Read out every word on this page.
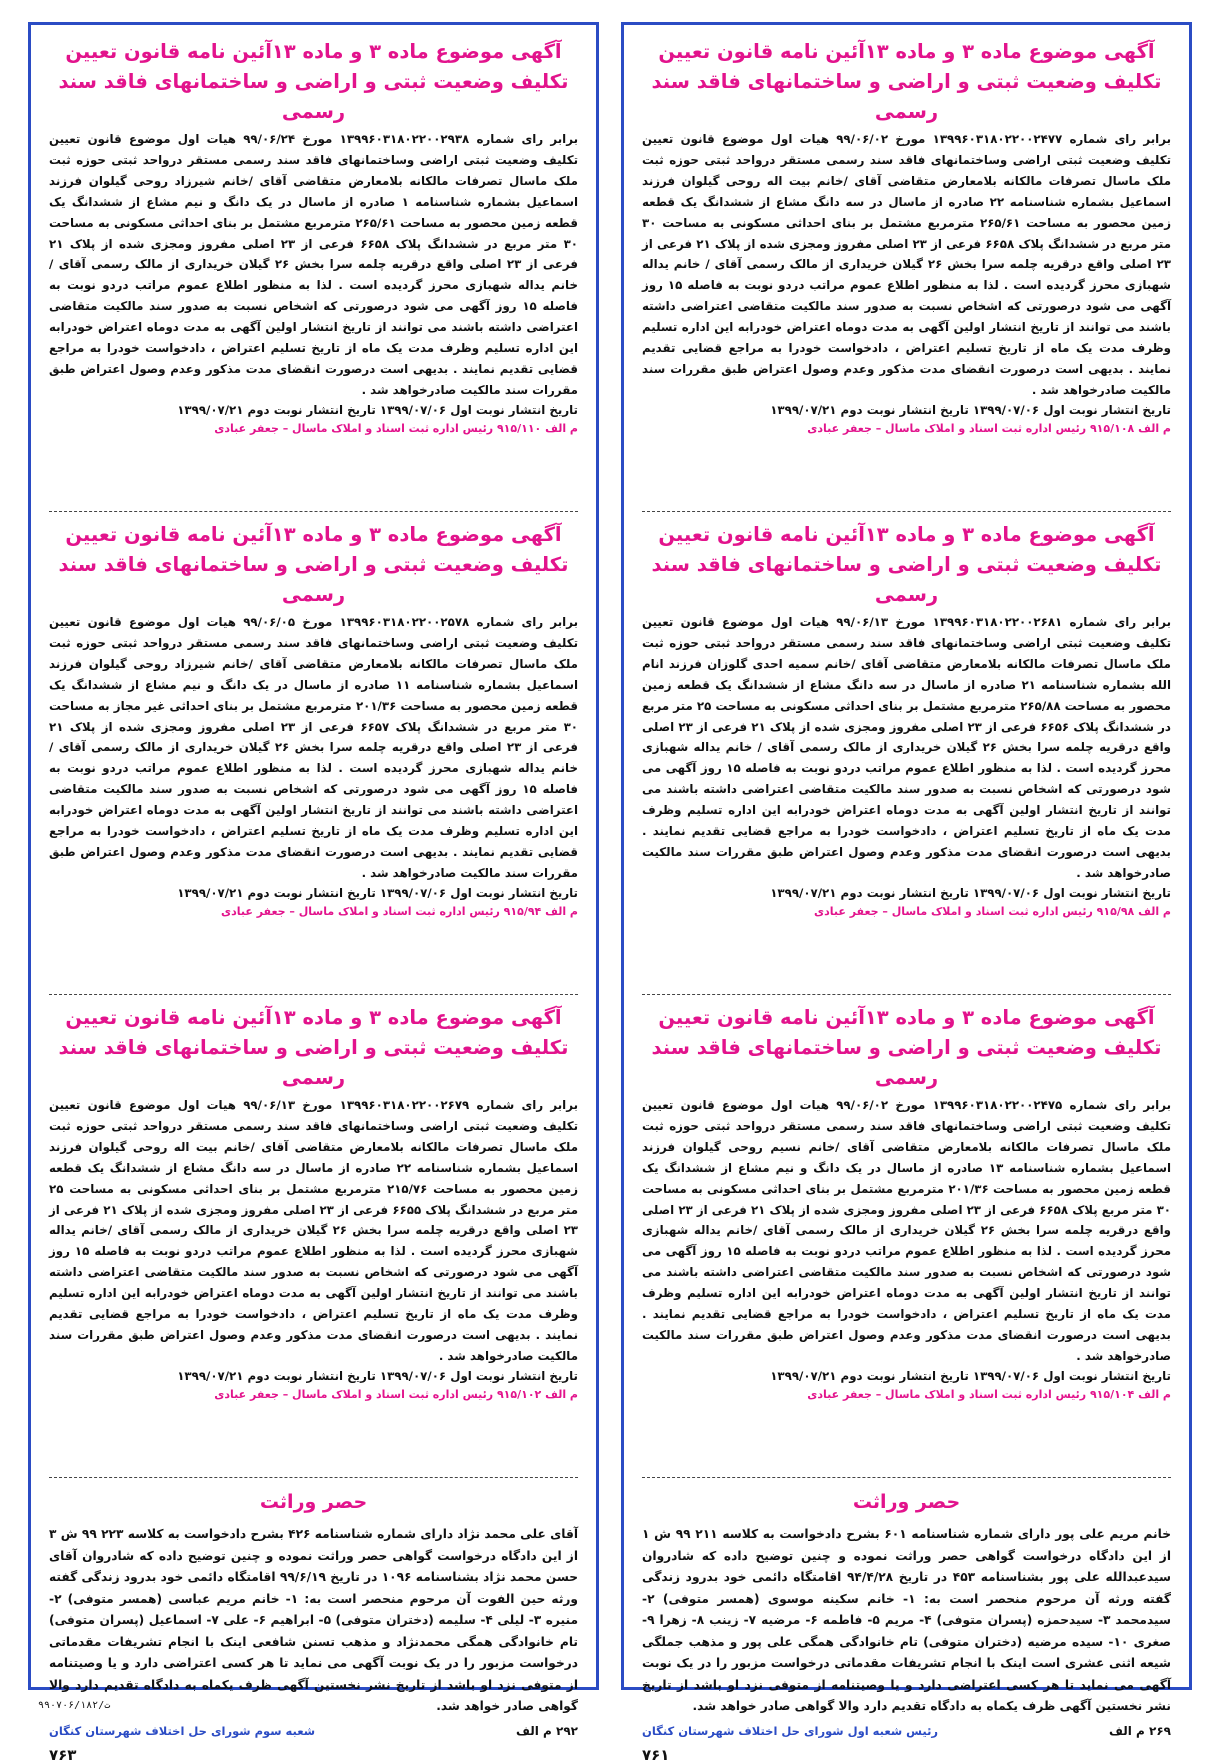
آگهی موضوع ماده ۳ و ماده ۱۳آئین نامه قانون تعیین تکلیف وضعیت ثبتی و اراضی و ساختمانهای فاقد سند رسمی

برابر رای شماره ۱۳۹۹۶۰۳۱۸۰۲۲۰۰۲۴۷۷ مورخ ۹۹/۰۶/۰۲ هیات اول موضوع قانون تعیین تکلیف وضعیت ثبتی اراضی وساختمانهای فاقد سند رسمی مستقر درواحد ثبتی حوزه ثبت ملک ماسال تصرفات مالکانه بلامعارض متقاضی آقای /خانم بیت اله روحی گیلوان فرزند اسماعیل بشماره شناسنامه ۲۲ صادره از ماسال در سه دانگ مشاع از ششدانگ یک قطعه زمین محصور به مساحت ۲۶۵/۶۱ مترمربع مشتمل بر بنای احداثی مسکونی به مساحت ۳۰ متر مربع در ششدانگ پلاک ۶۶۵۸ فرعی از ۲۳ اصلی مفروز ومجزی شده از پلاک ۲۱ فرعی از ۲۳ اصلی واقع درقریه چلمه سرا بخش ۲۶ گیلان خریداری از مالک رسمی آقای / خانم یداله شهبازی محرز گردیده است . لذا به منظور اطلاع عموم مراتب دردو نوبت به فاصله ۱۵ روز آگهی می شود درصورتی که اشخاص نسبت به صدور سند مالکیت متقاضی اعتراضی داشته باشند می توانند از تاریخ انتشار اولین آگهی به مدت دوماه اعتراض خودرابه این اداره تسلیم وظرف مدت یک ماه از تاریخ تسلیم اعتراض ، دادخواست خودرا به مراجع قضایی تقدیم نمایند . بدیهی است درصورت انقضای مدت مذکور وعدم وصول اعتراض طبق مقررات سند مالکیت صادرخواهد شد .

تاریخ انتشار نوبت اول ۱۳۹۹/۰۷/۰۶ تاریخ انتشار نوبت دوم ۱۳۹۹/۰۷/۲۱

م الف ۹۱۵/۱۰۸ رئیس اداره ثبت اسناد و املاک ماسال – جعفر عبادی

آگهی موضوع ماده ۳ و ماده ۱۳آئین نامه قانون تعیین تکلیف وضعیت ثبتی و اراضی و ساختمانهای فاقد سند رسمی

برابر رای شماره ۱۳۹۹۶۰۳۱۸۰۲۲۰۰۲۶۸۱ مورخ ۹۹/۰۶/۱۳ هیات اول موضوع قانون تعیین تکلیف وضعیت ثبتی اراضی وساختمانهای فاقد سند رسمی مستقر درواحد ثبتی حوزه ثبت ملک ماسال تصرفات مالکانه بلامعارض متقاضی آقای /خانم سمیه احدی گلوزان فرزند انام الله بشماره شناسنامه ۲۱ صادره از ماسال در سه دانگ مشاع از ششدانگ یک قطعه زمین محصور به مساحت ۲۶۵/۸۸ مترمربع مشتمل بر بنای احداثی مسکونی به مساحت ۲۵ متر مربع در ششدانگ پلاک ۶۶۵۶ فرعی از ۲۳ اصلی مفروز ومجزی شده از پلاک ۲۱ فرعی از ۲۳ اصلی واقع درقریه چلمه سرا بخش ۲۶ گیلان خریداری از مالک رسمی آقای / خانم یداله شهبازی محرز گردیده است . لذا به منظور اطلاع عموم مراتب دردو نوبت به فاصله ۱۵ روز آگهی می شود درصورتی که اشخاص نسبت به صدور سند مالکیت متقاضی اعتراضی داشته باشند می توانند از تاریخ انتشار اولین آگهی به مدت دوماه اعتراض خودرابه این اداره تسلیم وظرف مدت یک ماه از تاریخ تسلیم اعتراض ، دادخواست خودرا به مراجع قضایی تقدیم نمایند . بدیهی است درصورت انقضای مدت مذکور وعدم وصول اعتراض طبق مقررات سند مالکیت صادرخواهد شد .

تاریخ انتشار نوبت اول ۱۳۹۹/۰۷/۰۶ تاریخ انتشار نوبت دوم ۱۳۹۹/۰۷/۲۱

م الف ۹۱۵/۹۸ رئیس اداره ثبت اسناد و املاک ماسال – جعفر عبادی

آگهی موضوع ماده ۳ و ماده ۱۳آئین نامه قانون تعیین تکلیف وضعیت ثبتی و اراضی و ساختمانهای فاقد سند رسمی

برابر رای شماره ۱۳۹۹۶۰۳۱۸۰۲۲۰۰۲۴۷۵ مورخ ۹۹/۰۶/۰۲ هیات اول موضوع قانون تعیین تکلیف وضعیت ثبتی اراضی وساختمانهای فاقد سند رسمی مستقر درواحد ثبتی حوزه ثبت ملک ماسال تصرفات مالکانه بلامعارض متقاضی آقای /خانم نسیم روحی گیلوان فرزند اسماعیل بشماره شناسنامه ۱۳ صادره از ماسال در یک دانگ و نیم مشاع از ششدانگ یک قطعه زمین محصور به مساحت ۲۰۱/۳۶ مترمربع مشتمل بر بنای احداثی مسکونی به مساحت ۳۰ متر مربع پلاک ۶۶۵۸ فرعی از ۲۳ اصلی مفروز ومجزی شده از پلاک ۲۱ فرعی از ۲۳ اصلی واقع درقریه چلمه سرا بخش ۲۶ گیلان خریداری از مالک رسمی آقای /خانم یداله شهبازی محرز گردیده است . لذا به منظور اطلاع عموم مراتب دردو نوبت به فاصله ۱۵ روز آگهی می شود درصورتی که اشخاص نسبت به صدور سند مالکیت متقاضی اعتراضی داشته باشند می توانند از تاریخ انتشار اولین آگهی به مدت دوماه اعتراض خودرابه این اداره تسلیم وظرف مدت یک ماه از تاریخ تسلیم اعتراض ، دادخواست خودرا به مراجع قضایی تقدیم نمایند . بدیهی است درصورت انقضای مدت مذکور وعدم وصول اعتراض طبق مقررات سند مالکیت صادرخواهد شد .

تاریخ انتشار نوبت اول ۱۳۹۹/۰۷/۰۶ تاریخ انتشار نوبت دوم ۱۳۹۹/۰۷/۲۱

م الف ۹۱۵/۱۰۴ رئیس اداره ثبت اسناد و املاک ماسال – جعفر عبادی

حصر وراثت

خانم مریم علی پور دارای شماره شناسنامه ۶۰۱ بشرح دادخواست به کلاسه ۲۱۱ ۹۹ ش ۱ از این دادگاه درخواست گواهی حصر وراثت نموده و چنین توضیح داده که شادروان سیدعبدالله علی پور بشناسنامه ۴۵۳ در تاریخ ۹۴/۴/۲۸ اقامتگاه دائمی خود بدرود زندگی گفته ورثه آن مرحوم منحصر است به: ۱- خانم سکینه موسوی (همسر متوفی) ۲- سیدمحمد ۳- سیدحمزه (پسران متوفی) ۴- مریم ۵- فاطمه ۶- مرضیه ۷- زینب ۸- زهرا ۹- صغری ۱۰- سیده مرضیه (دختران متوفی) تام خانوادگی همگی علی پور و مذهب جملگی شیعه اثنی عشری است اینک با انجام تشریفات مقدماتی درخواست مزبور را در یک نوبت آگهی می نماید تا هر کسی اعتراضی دارد و یا وصیتنامه از متوفی نزد او باشد از تاریخ نشر نخستین آگهی ظرف یکماه به دادگاه تقدیم دارد والا گواهی صادر خواهد شد.

۲۶۹ م الف
رئیس شعبه اول شورای حل اختلاف شهرستان کنگان
۷۶۱
آگهی موضوع ماده ۳ و ماده ۱۳آئین نامه قانون تعیین تکلیف وضعیت ثبتی و اراضی و ساختمانهای فاقد سند رسمی

برابر رای شماره ۱۳۹۹۶۰۳۱۸۰۲۲۰۰۲۹۳۸ مورخ ۹۹/۰۶/۲۴ هیات اول موضوع قانون تعیین تکلیف وضعیت ثبتی اراضی وساختمانهای فاقد سند رسمی مستقر درواحد ثبتی حوزه ثبت ملک ماسال تصرفات مالکانه بلامعارض متقاضی آقای /خانم شیرزاد روحی گیلوان فرزند اسماعیل بشماره شناسنامه ۱ صادره از ماسال در یک دانگ و نیم مشاع از ششدانگ یک قطعه زمین محصور به مساحت ۲۶۵/۶۱ مترمربع مشتمل بر بنای احداثی مسکونی به مساحت ۳۰ متر مربع در ششدانگ پلاک ۶۶۵۸ فرعی از ۲۳ اصلی مفروز ومجزی شده از پلاک ۲۱ فرعی از ۲۳ اصلی واقع درقریه چلمه سرا بخش ۲۶ گیلان خریداری از مالک رسمی آقای / خانم یداله شهبازی محرز گردیده است . لذا به منظور اطلاع عموم مراتب دردو نوبت به فاصله ۱۵ روز آگهی می شود درصورتی که اشخاص نسبت به صدور سند مالکیت متقاضی اعتراضی داشته باشند می توانند از تاریخ انتشار اولین آگهی به مدت دوماه اعتراض خودرابه این اداره تسلیم وظرف مدت یک ماه از تاریخ تسلیم اعتراض ، دادخواست خودرا به مراجع قضایی تقدیم نمایند . بدیهی است درصورت انقضای مدت مذکور وعدم وصول اعتراض طبق مقررات سند مالکیت صادرخواهد شد .

تاریخ انتشار نوبت اول ۱۳۹۹/۰۷/۰۶ تاریخ انتشار نوبت دوم ۱۳۹۹/۰۷/۲۱

م الف ۹۱۵/۱۱۰ رئیس اداره ثبت اسناد و املاک ماسال – جعفر عبادی

آگهی موضوع ماده ۳ و ماده ۱۳آئین نامه قانون تعیین تکلیف وضعیت ثبتی و اراضی و ساختمانهای فاقد سند رسمی

برابر رای شماره ۱۳۹۹۶۰۳۱۸۰۲۲۰۰۲۵۷۸ مورخ ۹۹/۰۶/۰۵ هیات اول موضوع قانون تعیین تکلیف وضعیت ثبتی اراضی وساختمانهای فاقد سند رسمی مستقر درواحد ثبتی حوزه ثبت ملک ماسال تصرفات مالکانه بلامعارض متقاضی آقای /خانم شیرزاد روحی گیلوان فرزند اسماعیل بشماره شناسنامه ۱۱ صادره از ماسال در یک دانگ و نیم مشاع از ششدانگ یک قطعه زمین محصور به مساحت ۲۰۱/۳۶ مترمربع مشتمل بر بنای احداثی غیر مجاز به مساحت ۳۰ متر مربع در ششدانگ پلاک ۶۶۵۷ فرعی از ۲۳ اصلی مفروز ومجزی شده از پلاک ۲۱ فرعی از ۲۳ اصلی واقع درقریه چلمه سرا بخش ۲۶ گیلان خریداری از مالک رسمی آقای / خانم یداله شهبازی محرز گردیده است . لذا به منظور اطلاع عموم مراتب دردو نوبت به فاصله ۱۵ روز آگهی می شود درصورتی که اشخاص نسبت به صدور سند مالکیت متقاضی اعتراضی داشته باشند می توانند از تاریخ انتشار اولین آگهی به مدت دوماه اعتراض خودرابه این اداره تسلیم وظرف مدت یک ماه از تاریخ تسلیم اعتراض ، دادخواست خودرا به مراجع قضایی تقدیم نمایند . بدیهی است درصورت انقضای مدت مذکور وعدم وصول اعتراض طبق مقررات سند مالکیت صادرخواهد شد .

تاریخ انتشار نوبت اول ۱۳۹۹/۰۷/۰۶ تاریخ انتشار نوبت دوم ۱۳۹۹/۰۷/۲۱

م الف ۹۱۵/۹۴ رئیس اداره ثبت اسناد و املاک ماسال – جعفر عبادی

آگهی موضوع ماده ۳ و ماده ۱۳آئین نامه قانون تعیین تکلیف وضعیت ثبتی و اراضی و ساختمانهای فاقد سند رسمی

برابر رای شماره ۱۳۹۹۶۰۳۱۸۰۲۲۰۰۲۶۷۹ مورخ ۹۹/۰۶/۱۳ هیات اول موضوع قانون تعیین تکلیف وضعیت ثبتی اراضی وساختمانهای فاقد سند رسمی مستقر درواحد ثبتی حوزه ثبت ملک ماسال تصرفات مالکانه بلامعارض متقاضی آقای /خانم بیت اله روحی گیلوان فرزند اسماعیل بشماره شناسنامه ۲۲ صادره از ماسال در سه دانگ مشاع از ششدانگ یک قطعه زمین محصور به مساحت ۲۱۵/۷۶ مترمربع مشتمل بر بنای احداثی مسکونی به مساحت ۲۵ متر مربع در ششدانگ پلاک ۶۶۵۵ فرعی از ۲۳ اصلی مفروز ومجزی شده از پلاک ۲۱ فرعی از ۲۳ اصلی واقع درقریه چلمه سرا بخش ۲۶ گیلان خریداری از مالک رسمی آقای /خانم یداله شهبازی محرز گردیده است . لذا به منظور اطلاع عموم مراتب دردو نوبت به فاصله ۱۵ روز آگهی می شود درصورتی که اشخاص نسبت به صدور سند مالکیت متقاضی اعتراضی داشته باشند می توانند از تاریخ انتشار اولین آگهی به مدت دوماه اعتراض خودرابه این اداره تسلیم وظرف مدت یک ماه از تاریخ تسلیم اعتراض ، دادخواست خودرا به مراجع قضایی تقدیم نمایند . بدیهی است درصورت انقضای مدت مذکور وعدم وصول اعتراض طبق مقررات سند مالکیت صادرخواهد شد .

تاریخ انتشار نوبت اول ۱۳۹۹/۰۷/۰۶ تاریخ انتشار نوبت دوم ۱۳۹۹/۰۷/۲۱

م الف ۹۱۵/۱۰۲ رئیس اداره ثبت اسناد و املاک ماسال – جعفر عبادی

حصر وراثت

آقای علی محمد نژاد دارای شماره شناسنامه ۴۲۶ بشرح دادخواست به کلاسه ۲۲۳ ۹۹ ش ۳ از این دادگاه درخواست گواهی حصر وراثت نموده و چنین توضیح داده که شادروان آقای حسن محمد نژاد بشناسنامه ۱۰۹۶ در تاریخ ۹۹/۶/۱۹ اقامتگاه دائمی خود بدرود زندگی گفته ورثه حین الفوت آن مرحوم منحصر است به: ۱- خانم مریم عباسی (همسر متوفی) ۲- منیره ۳- لیلی ۴- سلیمه (دختران متوفی) ۵- ابراهیم ۶- علی ۷- اسماعیل (پسران متوفی) تام خانوادگی همگی محمدنژاد و مذهب تسنن شافعی اینک با انجام تشریفات مقدماتی درخواست مزبور را در یک نوبت آگهی می نماید تا هر کسی اعتراضی دارد و یا وصیتنامه از متوفی نزد او باشد از تاریخ نشر نخستین آگهی ظرف یکماه به دادگاه تقدیم دارد والا گواهی صادر خواهد شد.

۲۹۲ م الف
شعبه سوم شورای حل اختلاف شهرستان کنگان
۷۶۳
ت/۹۹۰۷۰۶/۱۸۲
